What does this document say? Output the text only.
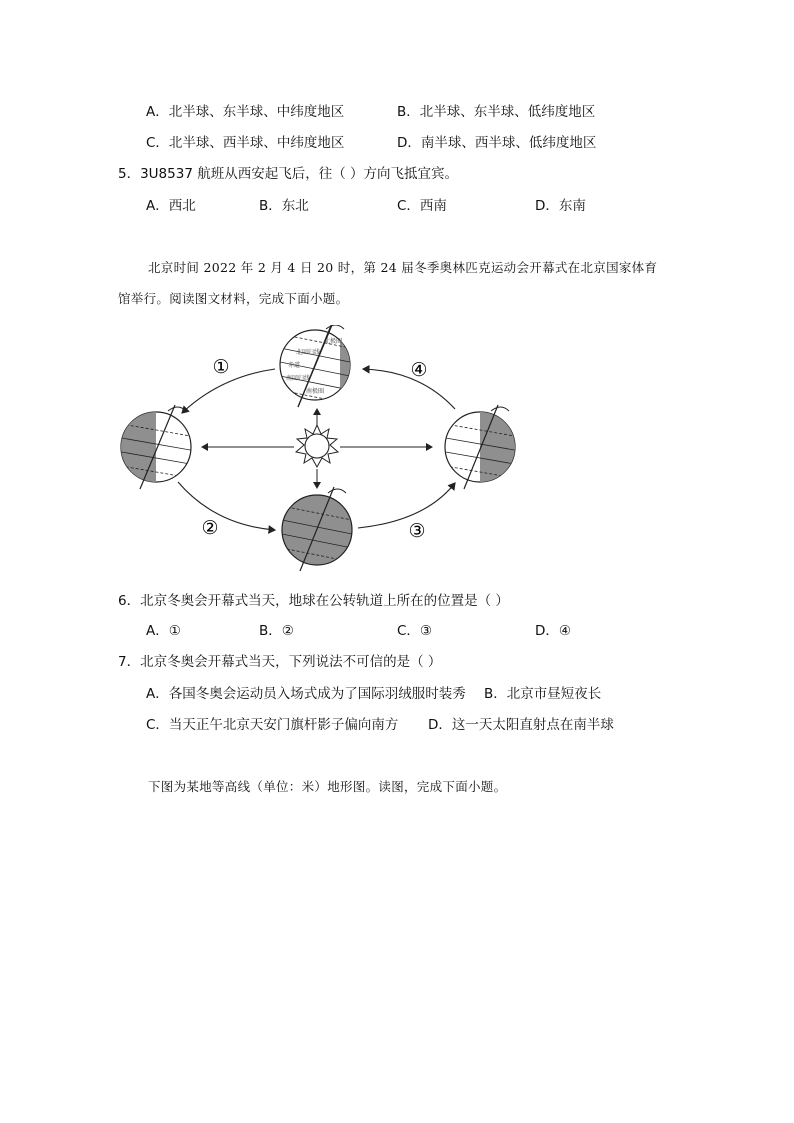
A．北半球、东半球、中纬度地区	B．北半球、东半球、低纬度地区
C．北半球、西半球、中纬度地区	D．南半球、西半球、低纬度地区
5．3U8537 航班从西安起飞后，往（ ）方向飞抵宜宾。
A．西北	B．东北	C．西南	D．东南
北京时间 2022 年 2 月 4 日 20 时，第 24 届冬季奥林匹克运动会开幕式在北京国家体育
馆举行。阅读图文材料，完成下面小题。
①
②	③
④
北极圈
北回归线
赤道
南回归线
南极圈
6．北京冬奥会开幕式当天，地球在公转轨道上所在的位置是（ ）
A．①	B．②	C．③	D．④
7．北京冬奥会开幕式当天，下列说法不可信的是（ ）
A．各国冬奥会运动员入场式成为了国际羽绒服时装秀 B．北京市昼短夜长
C．当天正午北京天安门旗杆影子偏向南方 D．这一天太阳直射点在南半球
下图为某地等高线（单位：米）地形图。读图，完成下面小题。
